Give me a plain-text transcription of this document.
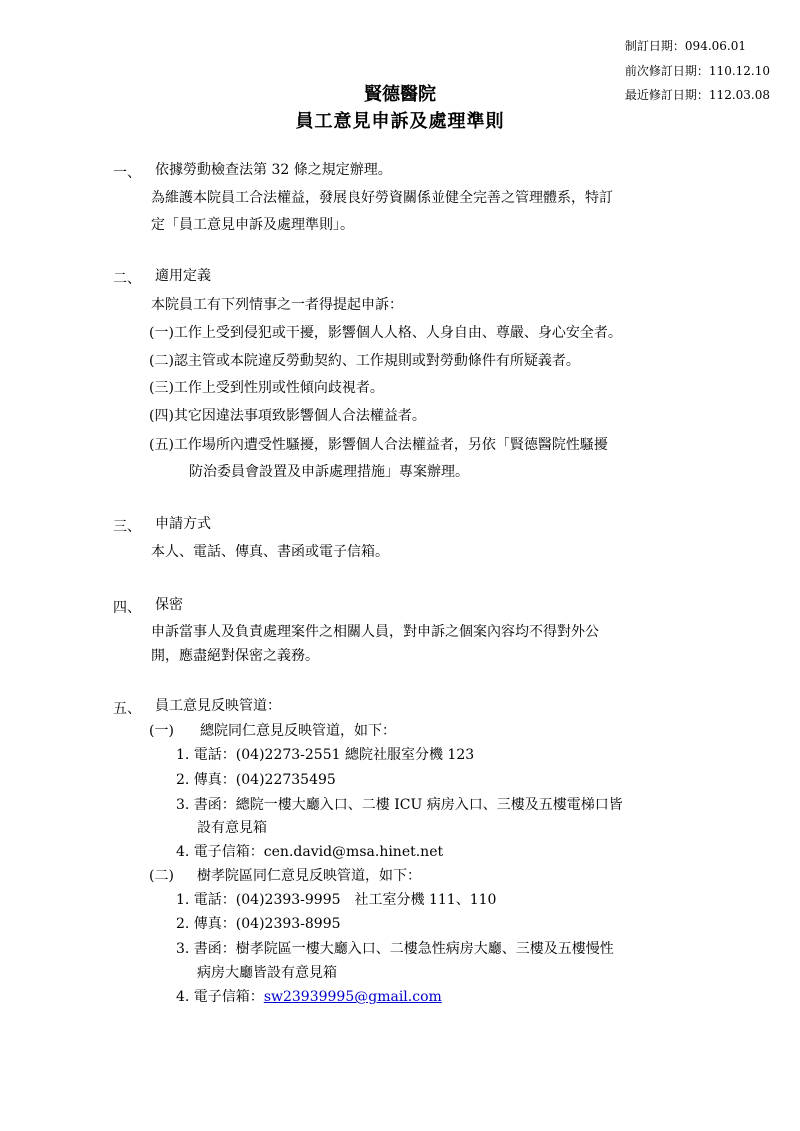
制訂日期：094.06.01
前次修訂日期：110.12.10
最近修訂日期：112.03.08
賢德醫院
員工意見申訴及處理準則
一、 依據勞動檢查法第 32 條之規定辦理。
為維護本院員工合法權益，發展良好勞資關係並健全完善之管理體系，特訂
定「員工意見申訴及處理準則」。
二、 適用定義
本院員工有下列情事之一者得提起申訴：
(一)工作上受到侵犯或干擾，影響個人人格、人身自由、尊嚴、身心安全者。
(二)認主管或本院違反勞動契約、工作規則或對勞動條件有所疑義者。
(三)工作上受到性別或性傾向歧視者。
(四)其它因違法事項致影響個人合法權益者。
(五)工作場所內遭受性騷擾，影響個人合法權益者，另依「賢德醫院性騷擾
防治委員會設置及申訴處理措施」專案辦理。
三、 申請方式
本人、電話、傳真、書函或電子信箱。
四、 保密
申訴當事人及負責處理案件之相關人員，對申訴之個案內容均不得對外公
開，應盡絕對保密之義務。
五、 員工意見反映管道：
(一) 總院同仁意見反映管道，如下：
1. 電話：(04)2273-2551 總院社服室分機 123
2. 傳真：(04)22735495
3. 書函：總院一樓大廳入口、二樓 ICU 病房入口、三樓及五樓電梯口皆
設有意見箱
4. 電子信箱：cen.david@msa.hinet.net
(二) 樹孝院區同仁意見反映管道，如下：
1. 電話：(04)2393-9995　社工室分機 111、110
2. 傳真：(04)2393-8995
3. 書函：樹孝院區一樓大廳入口、二樓急性病房大廳、三樓及五樓慢性
病房大廳皆設有意見箱
4. 電子信箱：sw23939995@gmail.com
